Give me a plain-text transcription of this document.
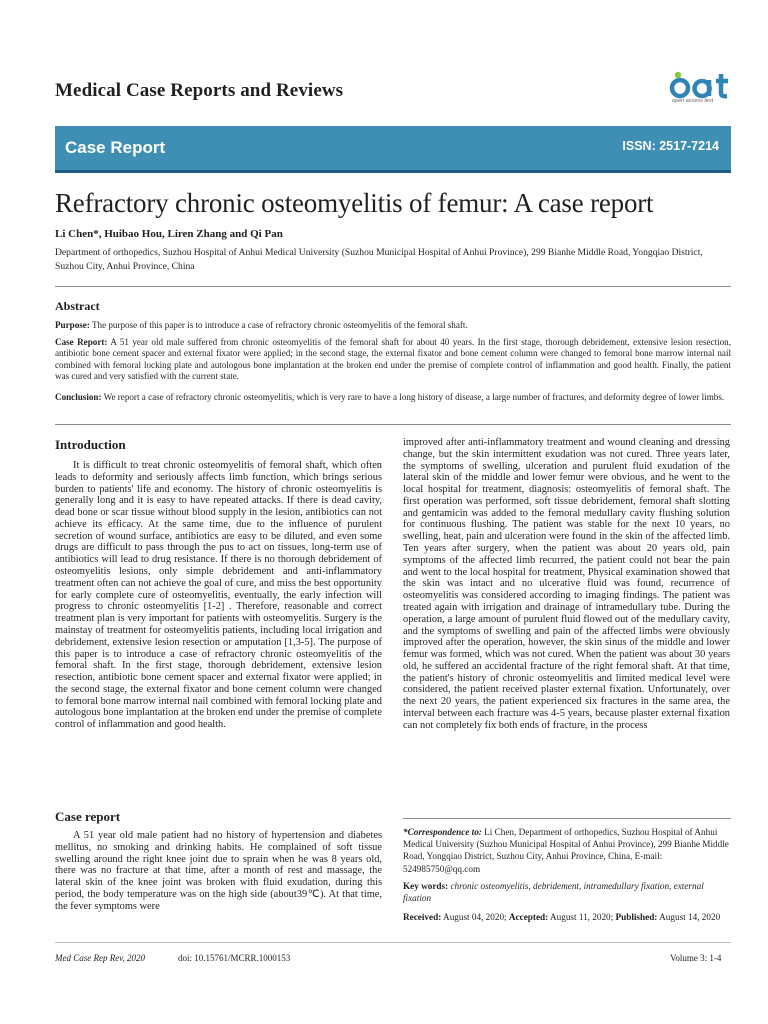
Medical Case Reports and Reviews	open access text
Case Report	ISSN: 2517-7214
Refractory chronic osteomyelitis of femur: A case report
Li Chen*, Huibao Hou, Liren Zhang and Qi Pan
Department of orthopedics, Suzhou Hospital of Anhui Medical University (Suzhou Municipal Hospital of Anhui Province), 299 Bianhe Middle Road, Yongqiao District, Suzhou City, Anhui Province, China
Abstract
Purpose: The purpose of this paper is to introduce a case of refractory chronic osteomyelitis of the femoral shaft.
Case Report: A 51 year old male suffered from chronic osteomyelitis of the femoral shaft for about 40 years. In the first stage, thorough debridement, extensive lesion resection, antibiotic bone cement spacer and external fixator were applied; in the second stage, the external fixator and bone cement column were changed to femoral bone marrow internal nail combined with femoral locking plate and autologous bone implantation at the broken end under the premise of complete control of inflammation and good health. Finally, the patient was cured and very satisfied with the current state.
Conclusion: We report a case of refractory chronic osteomyelitis, which is very rare to have a long history of disease, a large number of fractures, and deformity degree of lower limbs.
Introduction
It is difficult to treat chronic osteomyelitis of femoral shaft, which often leads to deformity and seriously affects limb function, which brings serious burden to patients' life and economy. The history of chronic osteomyelitis is generally long and it is easy to have repeated attacks. If there is dead cavity, dead bone or scar tissue without blood supply in the lesion, antibiotics can not achieve its efficacy. At the same time, due to the influence of purulent secretion of wound surface, antibiotics are easy to be diluted, and even some drugs are difficult to pass through the pus to act on tissues, long-term use of antibiotics will lead to drug resistance. If there is no thorough debridement of osteomyelitis lesions, only simple debridement and anti-inflammatory treatment often can not achieve the goal of cure, and miss the best opportunity for early complete cure of osteomyelitis, eventually, the early infection will progress to chronic osteomyelitis [1-2] . Therefore, reasonable and correct treatment plan is very important for patients with osteomyelitis. Surgery is the mainstay of treatment for osteomyelitis patients, including local irrigation and debridement, extensive lesion resection or amputation [1,3-5]. The purpose of this paper is to introduce a case of refractory chronic osteomyelitis of the femoral shaft. In the first stage, thorough debridement, extensive lesion resection, antibiotic bone cement spacer and external fixator were applied; in the second stage, the external fixator and bone cement column were changed to femoral bone marrow internal nail combined with femoral locking plate and autologous bone implantation at the broken end under the premise of complete control of inflammation and good health.
Case report
A 51 year old male patient had no history of hypertension and diabetes mellitus, no smoking and drinking habits. He complained of soft tissue swelling around the right knee joint due to sprain when he was 8 years old, there was no fracture at that time, after a month of rest and massage, the lateral skin of the knee joint was broken with fluid exudation, during this period, the body temperature was on the high side (about39℃). At that time, the fever symptoms were
improved after anti-inflammatory treatment and wound cleaning and dressing change, but the skin intermittent exudation was not cured. Three years later, the symptoms of swelling, ulceration and purulent fluid exudation of the lateral skin of the middle and lower femur were obvious, and he went to the local hospital for treatment, diagnosis: osteomyelitis of femoral shaft. The first operation was performed, soft tissue debridement, femoral shaft slotting and gentamicin was added to the femoral medullary cavity flushing solution for continuous flushing. The patient was stable for the next 10 years, no swelling, heat, pain and ulceration were found in the skin of the affected limb. Ten years after surgery, when the patient was about 20 years old, pain symptoms of the affected limb recurred, the patient could not bear the pain and went to the local hospital for treatment, Physical examination showed that the skin was intact and no ulcerative fluid was found, recurrence of osteomyelitis was considered according to imaging findings. The patient was treated again with irrigation and drainage of intramedullary tube. During the operation, a large amount of purulent fluid flowed out of the medullary cavity, and the symptoms of swelling and pain of the affected limbs were obviously improved after the operation, however, the skin sinus of the middle and lower femur was formed, which was not cured. When the patient was about 30 years old, he suffered an accidental fracture of the right femoral shaft. At that time, the patient's history of chronic osteomyelitis and limited medical level were considered, the patient received plaster external fixation. Unfortunately, over the next 20 years, the patient experienced six fractures in the same area, the interval between each fracture was 4-5 years, because plaster external fixation can not completely fix both ends of fracture, in the process
*Correspondence to: Li Chen, Department of orthopedics, Suzhou Hospital of Anhui Medical University (Suzhou Municipal Hospital of Anhui Province), 299 Bianhe Middle Road, Yongqiao District, Suzhou City, Anhui Province, China, E-mail: 524985750@qq.com
Key words: chronic osteomyelitis, debridement, intramedullary fixation, external fixation
Received: August 04, 2020; Accepted: August 11, 2020; Published: August 14, 2020
Med Case Rep Rev, 2020	doi: 10.15761/MCRR.1000153	Volume 3: 1-4
